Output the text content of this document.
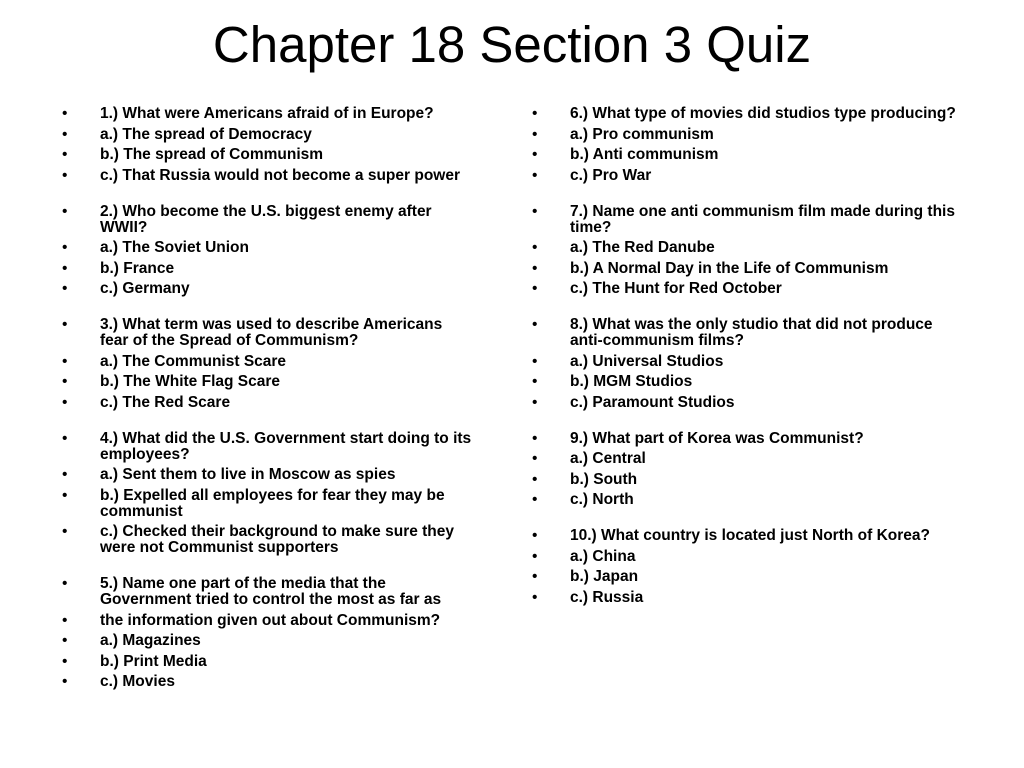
Chapter 18 Section 3 Quiz
• 1.) What were Americans afraid of in Europe?
• a.) The spread of Democracy
• b.) The spread of Communism
• c.) That Russia would not become a super power
• 2.) Who become the U.S. biggest enemy after WWII?
• a.) The Soviet Union
• b.) France
• c.) Germany
• 3.) What term was used to describe Americans fear of the Spread of Communism?
• a.) The Communist Scare
• b.) The White Flag Scare
• c.) The Red Scare
• 4.) What did the U.S. Government start doing to its employees?
• a.) Sent them to live in Moscow as spies
• b.) Expelled all employees for fear they may be communist
• c.) Checked their background to make sure they were not Communist supporters
• 5.) Name one part of the media that the Government tried to control the most as far as
• the information given out about Communism?
• a.) Magazines
• b.) Print Media
• c.) Movies
• 6.) What type of movies did studios type producing?
• a.) Pro communism
• b.) Anti communism
• c.) Pro War
• 7.) Name one anti communism film made during this time?
• a.) The Red Danube
• b.) A Normal Day in the Life of Communism
• c.) The Hunt for Red October
• 8.) What was the only studio that did not produce anti-communism films?
• a.) Universal Studios
• b.) MGM Studios
• c.) Paramount Studios
• 9.) What part of Korea was Communist?
• a.) Central
• b.) South
• c.) North
• 10.) What country is located just North of Korea?
• a.) China
• b.) Japan
• c.) Russia
